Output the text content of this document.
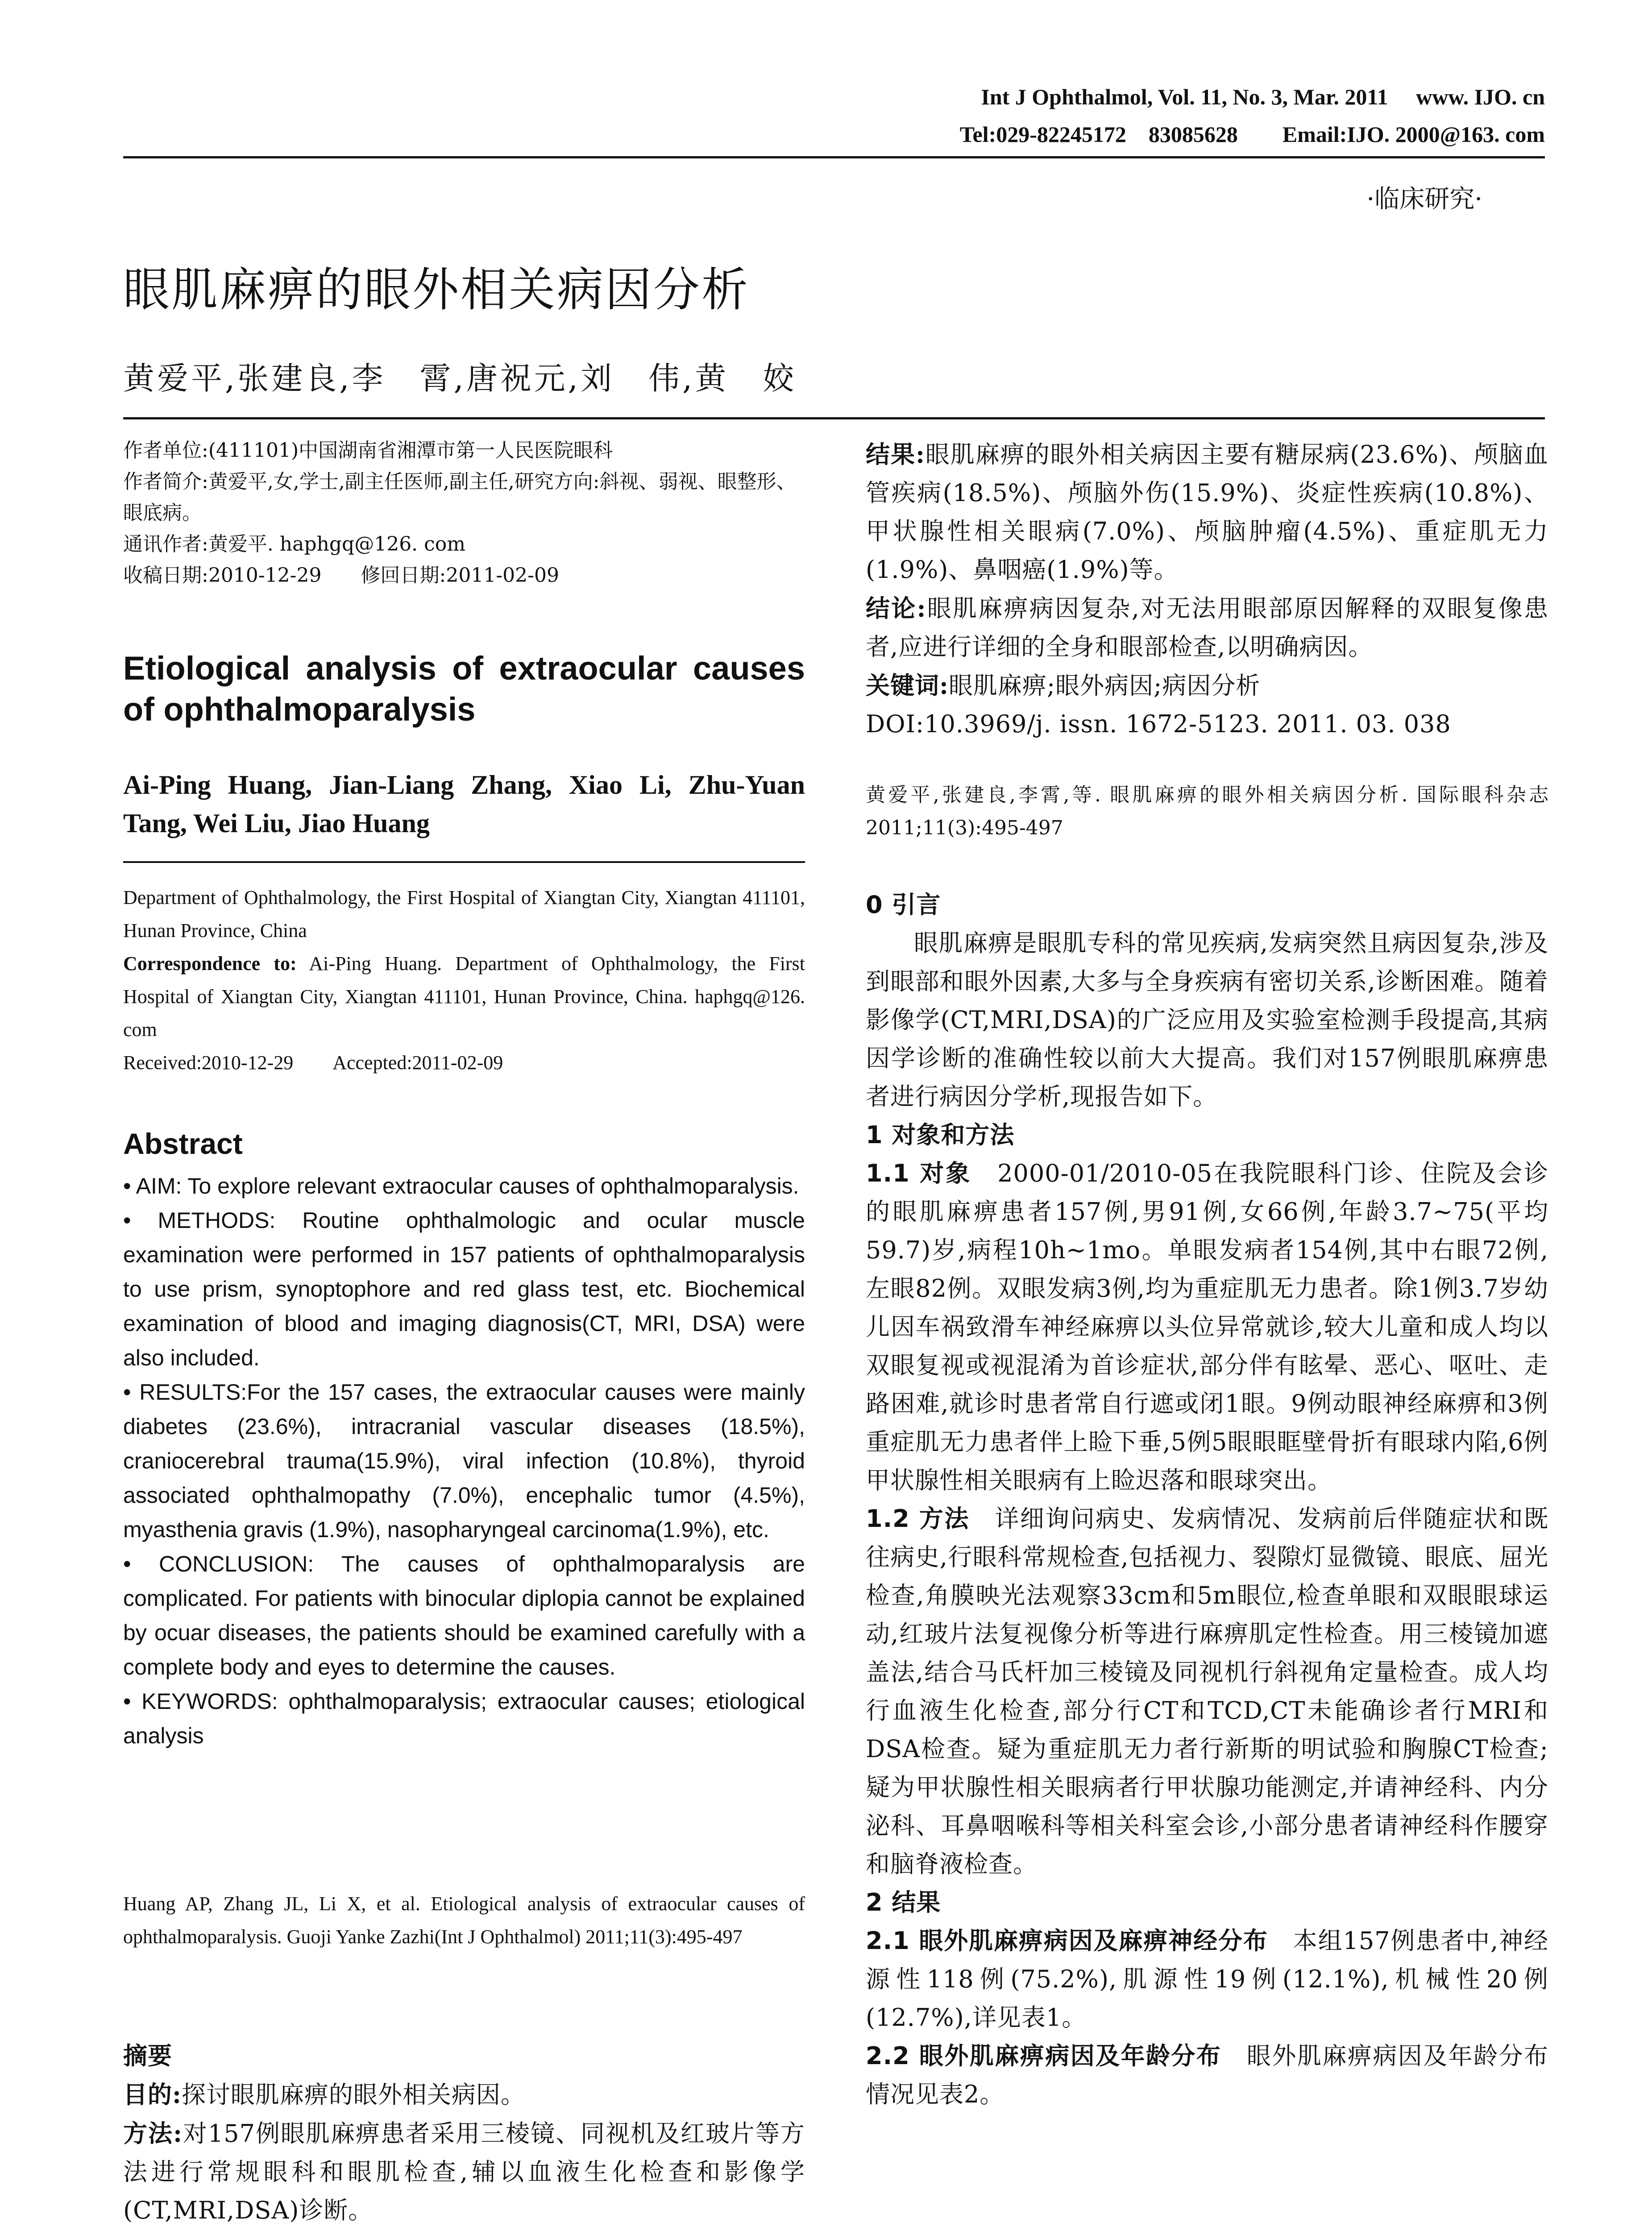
Int J Ophthalmol, Vol. 11, No. 3, Mar. 2011     www. IJO. cn
Tel:029-82245172    83085628        Email:IJO. 2000@163. com
·临床研究·
眼肌麻痹的眼外相关病因分析
黄爱平,张建良,李　霄,唐祝元,刘　伟,黄　姣

作者单位:(411101)中国湖南省湘潭市第一人民医院眼科

作者简介:黄爱平,女,学士,副主任医师,副主任,研究方向:斜视、弱视、眼整形、眼底病。

通讯作者:黄爱平. haphgq@126. com

收稿日期:2010-12-29　　修回日期:2011-02-09

Etiological analysis of extraocular causes of ophthalmoparalysis
Ai-Ping Huang, Jian-Liang Zhang, Xiao Li, Zhu-Yuan Tang, Wei Liu, Jiao Huang

Department of Ophthalmology, the First Hospital of Xiangtan City, Xiangtan 411101, Hunan Province, China

Correspondence to: Ai-Ping Huang. Department of Ophthalmology, the First Hospital of Xiangtan City, Xiangtan 411101, Hunan Province, China. haphgq@126. com

Received:2010-12-29　　Accepted:2011-02-09

Abstract

• AIM: To explore relevant extraocular causes of ophthalmoparalysis.

• METHODS: Routine ophthalmologic and ocular muscle examination were performed in 157 patients of ophthalmoparalysis to use prism, synoptophore and red glass test, etc. Biochemical examination of blood and imaging diagnosis(CT, MRI, DSA) were also included.

• RESULTS:For the 157 cases, the extraocular causes were mainly diabetes (23.6%), intracranial vascular diseases (18.5%), craniocerebral trauma(15.9%), viral infection (10.8%), thyroid associated ophthalmopathy (7.0%), encephalic tumor (4.5%), myasthenia gravis (1.9%), nasopharyngeal carcinoma(1.9%), etc.

• CONCLUSION: The causes of ophthalmoparalysis are complicated. For patients with binocular diplopia cannot be explained by ocuar diseases, the patients should be examined carefully with a complete body and eyes to determine the causes.

• KEYWORDS: ophthalmoparalysis; extraocular causes; etiological analysis

Huang AP, Zhang JL, Li X, et al. Etiological analysis of extraocular causes of ophthalmoparalysis. Guoji Yanke Zazhi(Int J Ophthalmol) 2011;11(3):495-497

摘要

目的:探讨眼肌麻痹的眼外相关病因。

方法:对157例眼肌麻痹患者采用三棱镜、同视机及红玻片等方法进行常规眼科和眼肌检查,辅以血液生化检查和影像学(CT,MRI,DSA)诊断。

结果:眼肌麻痹的眼外相关病因主要有糖尿病(23.6%)、颅脑血管疾病(18.5%)、颅脑外伤(15.9%)、炎症性疾病(10.8%)、甲状腺性相关眼病(7.0%)、颅脑肿瘤(4.5%)、重症肌无力(1.9%)、鼻咽癌(1.9%)等。

结论:眼肌麻痹病因复杂,对无法用眼部原因解释的双眼复像患者,应进行详细的全身和眼部检查,以明确病因。

关键词:眼肌麻痹;眼外病因;病因分析

DOI:10.3969/j. issn. 1672-5123. 2011. 03. 038

黄爱平,张建良,李霄,等. 眼肌麻痹的眼外相关病因分析. 国际眼科杂志 2011;11(3):495-497

0 引言

眼肌麻痹是眼肌专科的常见疾病,发病突然且病因复杂,涉及到眼部和眼外因素,大多与全身疾病有密切关系,诊断困难。随着影像学(CT,MRI,DSA)的广泛应用及实验室检测手段提高,其病因学诊断的准确性较以前大大提高。我们对157例眼肌麻痹患者进行病因分学析,现报告如下。

1 对象和方法

1.1 对象　2000-01/2010-05在我院眼科门诊、住院及会诊的眼肌麻痹患者157例,男91例,女66例,年龄3.7~75(平均59.7)岁,病程10h~1mo。单眼发病者154例,其中右眼72例,左眼82例。双眼发病3例,均为重症肌无力患者。除1例3.7岁幼儿因车祸致滑车神经麻痹以头位异常就诊,较大儿童和成人均以双眼复视或视混淆为首诊症状,部分伴有眩晕、恶心、呕吐、走路困难,就诊时患者常自行遮或闭1眼。9例动眼神经麻痹和3例重症肌无力患者伴上睑下垂,5例5眼眼眶壁骨折有眼球内陷,6例甲状腺性相关眼病有上睑迟落和眼球突出。

1.2 方法　详细询问病史、发病情况、发病前后伴随症状和既往病史,行眼科常规检查,包括视力、裂隙灯显微镜、眼底、屈光检查,角膜映光法观察33cm和5m眼位,检查单眼和双眼眼球运动,红玻片法复视像分析等进行麻痹肌定性检查。用三棱镜加遮盖法,结合马氏杆加三棱镜及同视机行斜视角定量检查。成人均行血液生化检查,部分行CT和TCD,CT未能确诊者行MRI和DSA检查。疑为重症肌无力者行新斯的明试验和胸腺CT检查;疑为甲状腺性相关眼病者行甲状腺功能测定,并请神经科、内分泌科、耳鼻咽喉科等相关科室会诊,小部分患者请神经科作腰穿和脑脊液检查。

2 结果

2.1 眼外肌麻痹病因及麻痹神经分布　本组157例患者中,神经源性118例(75.2%),肌源性19例(12.1%),机械性20例(12.7%),详见表1。

2.2 眼外肌麻痹病因及年龄分布　眼外肌麻痹病因及年龄分布情况见表2。
